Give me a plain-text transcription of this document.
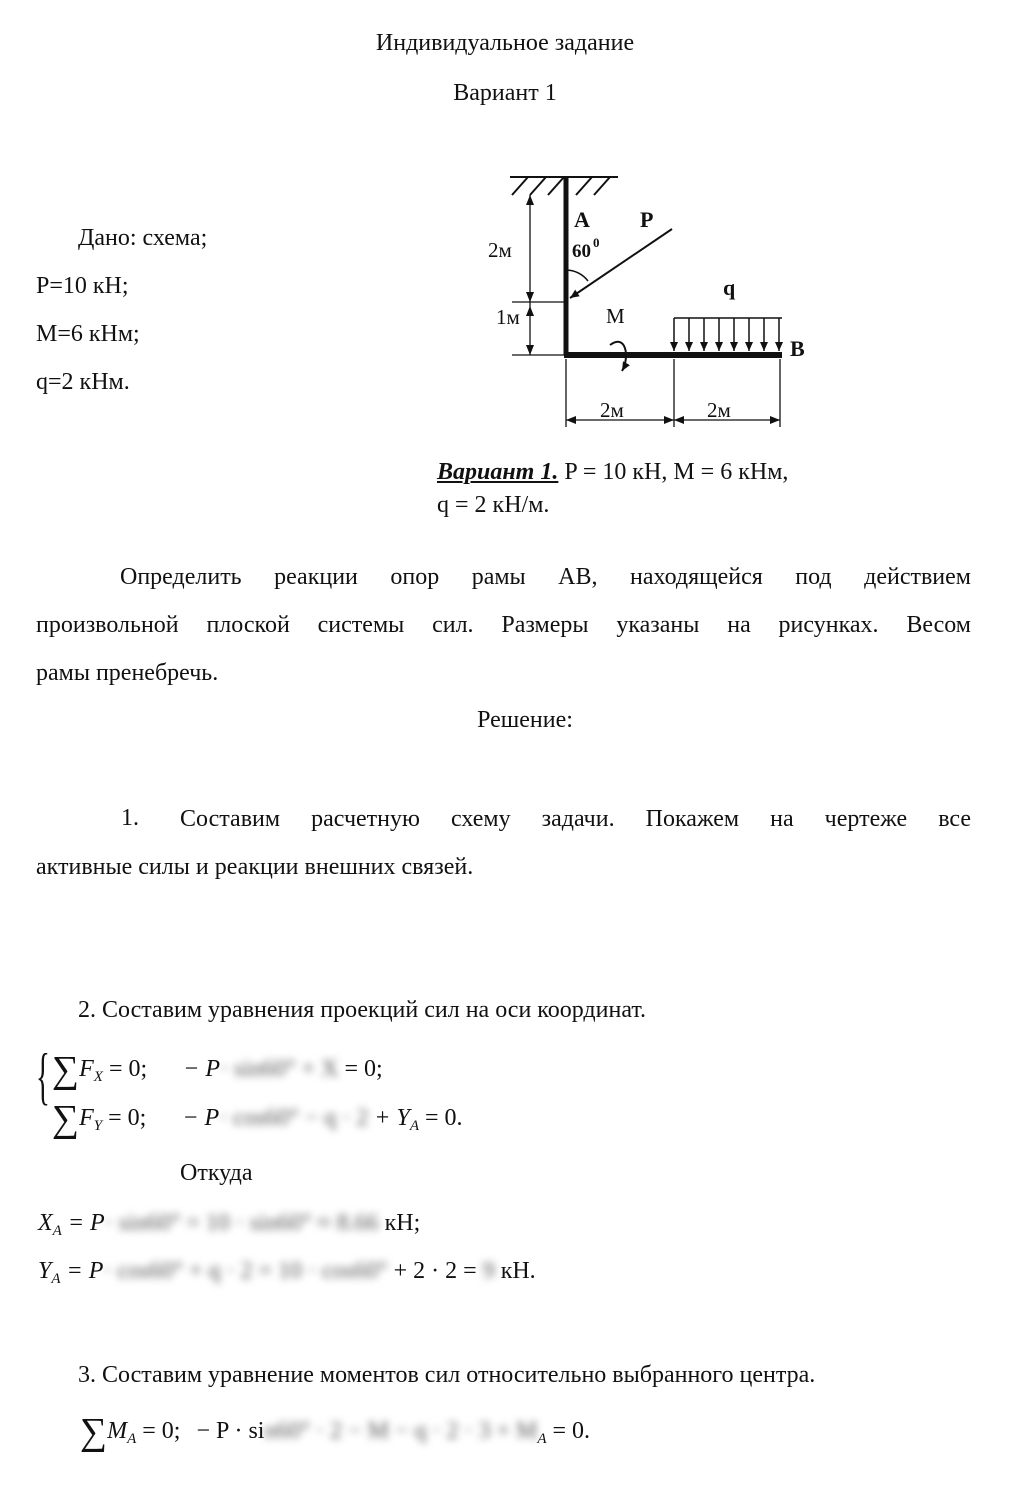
Индивидуальное задание
Вариант 1
Дано: схема;
P=10 кН;
M=6 кНм;
q=2 кНм.
A P
60 0
q
M
B
2м
1м
2м	2м
Вариант 1. P = 10 кН, M = 6 кНм,
q = 2 кН/м.
Определить реакции опор рамы AB, находящейся под действием
произвольной плоской системы сил. Размеры указаны на рисунках. Весом
рамы пренебречь.
Решение:
1. Составим расчетную схему задачи. Покажем на чертеже все
активные силы и реакции внешних связей.
2. Составим уравнения проекций сил на оси координат.
{ $\sum F_X = 0$; − P· sin60° + X = 0;
$\sum F_Y = 0$; − $P\cdot \cos 60^\circ - q \cdot 2 + Y_A = 0$.
Откуда
$X_A = P\cdot \sin 60^\circ = 10 \cdot \sin 60^\circ \approx 8.66$ кН;
$Y_A = P\cdot \cos 60^\circ + q \cdot 2 = 10 \cdot \cos 60^\circ + 2 \cdot 2 = 9$ кН.
3. Составим уравнение моментов сил относительно выбранного центра.
$\sum M_A = 0$; − $P \cdot \sin 60^\circ \cdot 2 - M - q \cdot 2 \cdot 3 + M_A = 0$.
